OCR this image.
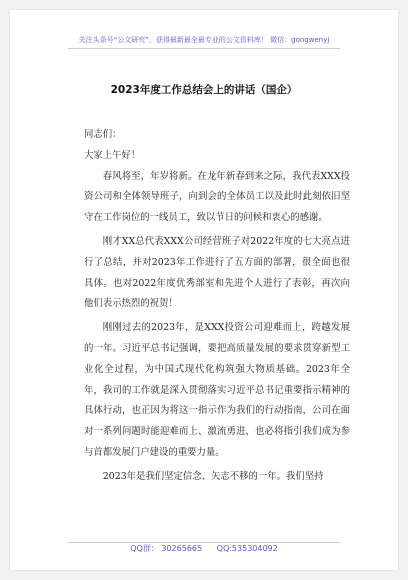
关注头条号“公文研究”，获得最新最全最专业的公文资料库！ 微信：gongwenyj
2023年度工作总结会上的讲话（国企）

同志们：

大家上午好！

春风将至，年岁将新。在龙年新春到来之际，我代表XXX投资公司和全体领导班子，向到会的全体员工以及此时此刻依旧坚守在工作岗位的一线员工，致以节日的问候和衷心的感谢。

刚才XX总代表XXX公司经营班子对2022年度的七大亮点进行了总结，并对2023年工作进行了五方面的部署，很全面也很具体。也对2022年度优秀部室和先进个人进行了表彰，再次向他们表示热烈的祝贺！

刚刚过去的2023年，是XXX投资公司迎难而上，跨越发展的一年。习近平总书记强调，要把高质量发展的要求贯穿新型工业化全过程，为中国式现代化构筑强大物质基础。2023年全年，我司的工作就是深入贯彻落实习近平总书记重要指示精神的具体行动，也正因为将这一指示作为我们的行动指南，公司在面对一系列问题时能迎难而上、激流勇进，也必将指引我们成为参与首都发展门户建设的重要力量。

2023年是我们坚定信念、矢志不移的一年。我们坚持

QQ群： 30265665 QQ:535304092
